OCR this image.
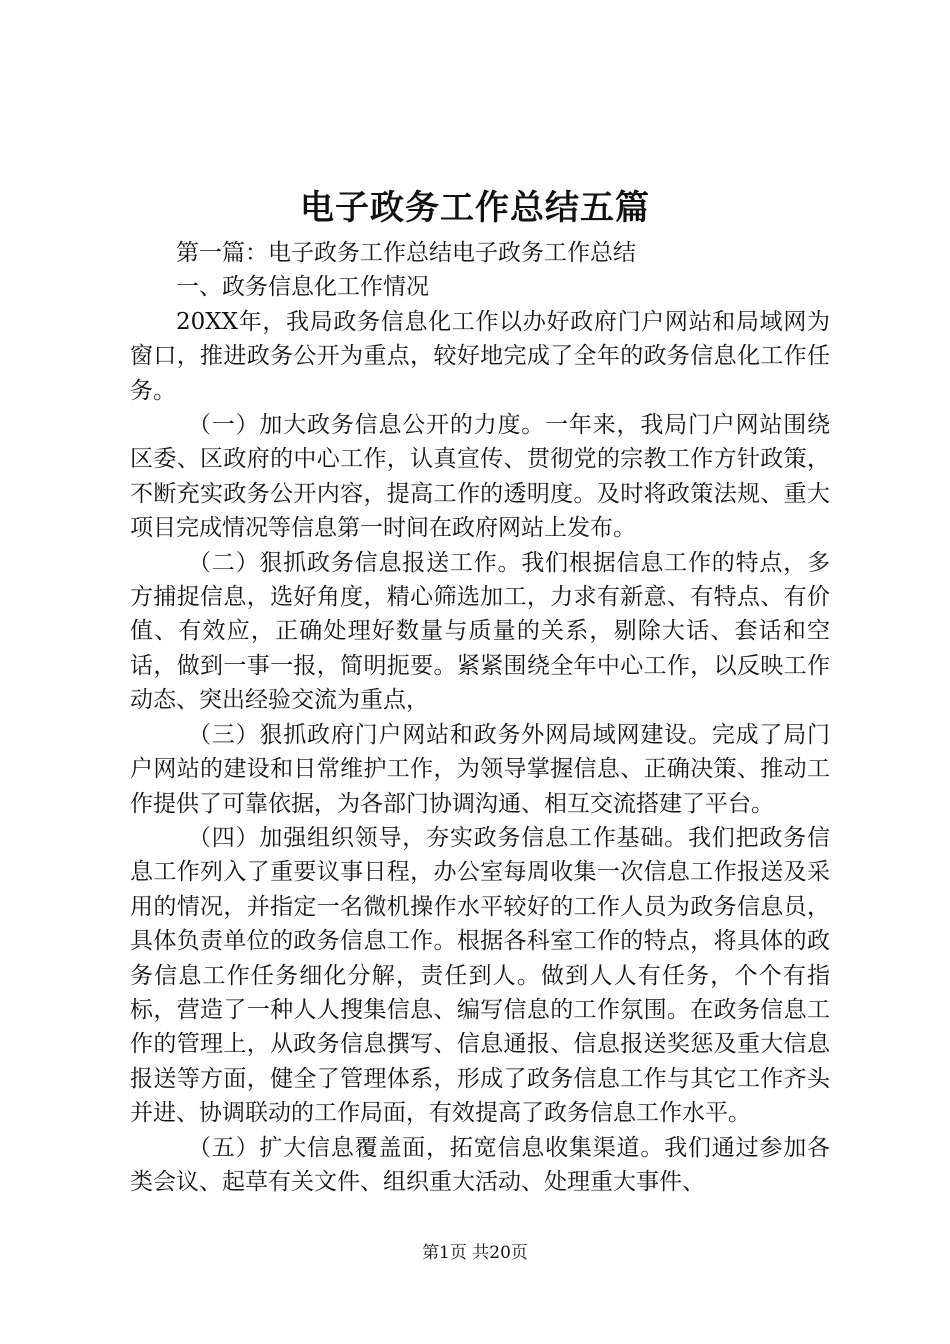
电子政务工作总结五篇

第一篇：电子政务工作总结电子政务工作总结

一、政务信息化工作情况

20XX年，我局政务信息化工作以办好政府门户网站和局域网为窗口，推进政务公开为重点，较好地完成了全年的政务信息化工作任务。

（一）加大政务信息公开的力度。一年来，我局门户网站围绕区委、区政府的中心工作，认真宣传、贯彻党的宗教工作方针政策，不断充实政务公开内容，提高工作的透明度。及时将政策法规、重大项目完成情况等信息第一时间在政府网站上发布。

（二）狠抓政务信息报送工作。我们根据信息工作的特点，多方捕捉信息，选好角度，精心筛选加工，力求有新意、有特点、有价值、有效应，正确处理好数量与质量的关系，剔除大话、套话和空话，做到一事一报，简明扼要。紧紧围绕全年中心工作，以反映工作动态、突出经验交流为重点，

（三）狠抓政府门户网站和政务外网局域网建设。完成了局门户网站的建设和日常维护工作，为领导掌握信息、正确决策、推动工作提供了可靠依据，为各部门协调沟通、相互交流搭建了平台。

（四）加强组织领导，夯实政务信息工作基础。我们把政务信息工作列入了重要议事日程，办公室每周收集一次信息工作报送及采用的情况，并指定一名微机操作水平较好的工作人员为政务信息员，具体负责单位的政务信息工作。根据各科室工作的特点，将具体的政务信息工作任务细化分解，责任到人。做到人人有任务，个个有指标，营造了一种人人搜集信息、编写信息的工作氛围。在政务信息工作的管理上，从政务信息撰写、信息通报、信息报送奖惩及重大信息报送等方面，健全了管理体系，形成了政务信息工作与其它工作齐头并进、协调联动的工作局面，有效提高了政务信息工作水平。

（五）扩大信息覆盖面，拓宽信息收集渠道。我们通过参加各类会议、起草有关文件、组织重大活动、处理重大事件、

第1页 共20页
